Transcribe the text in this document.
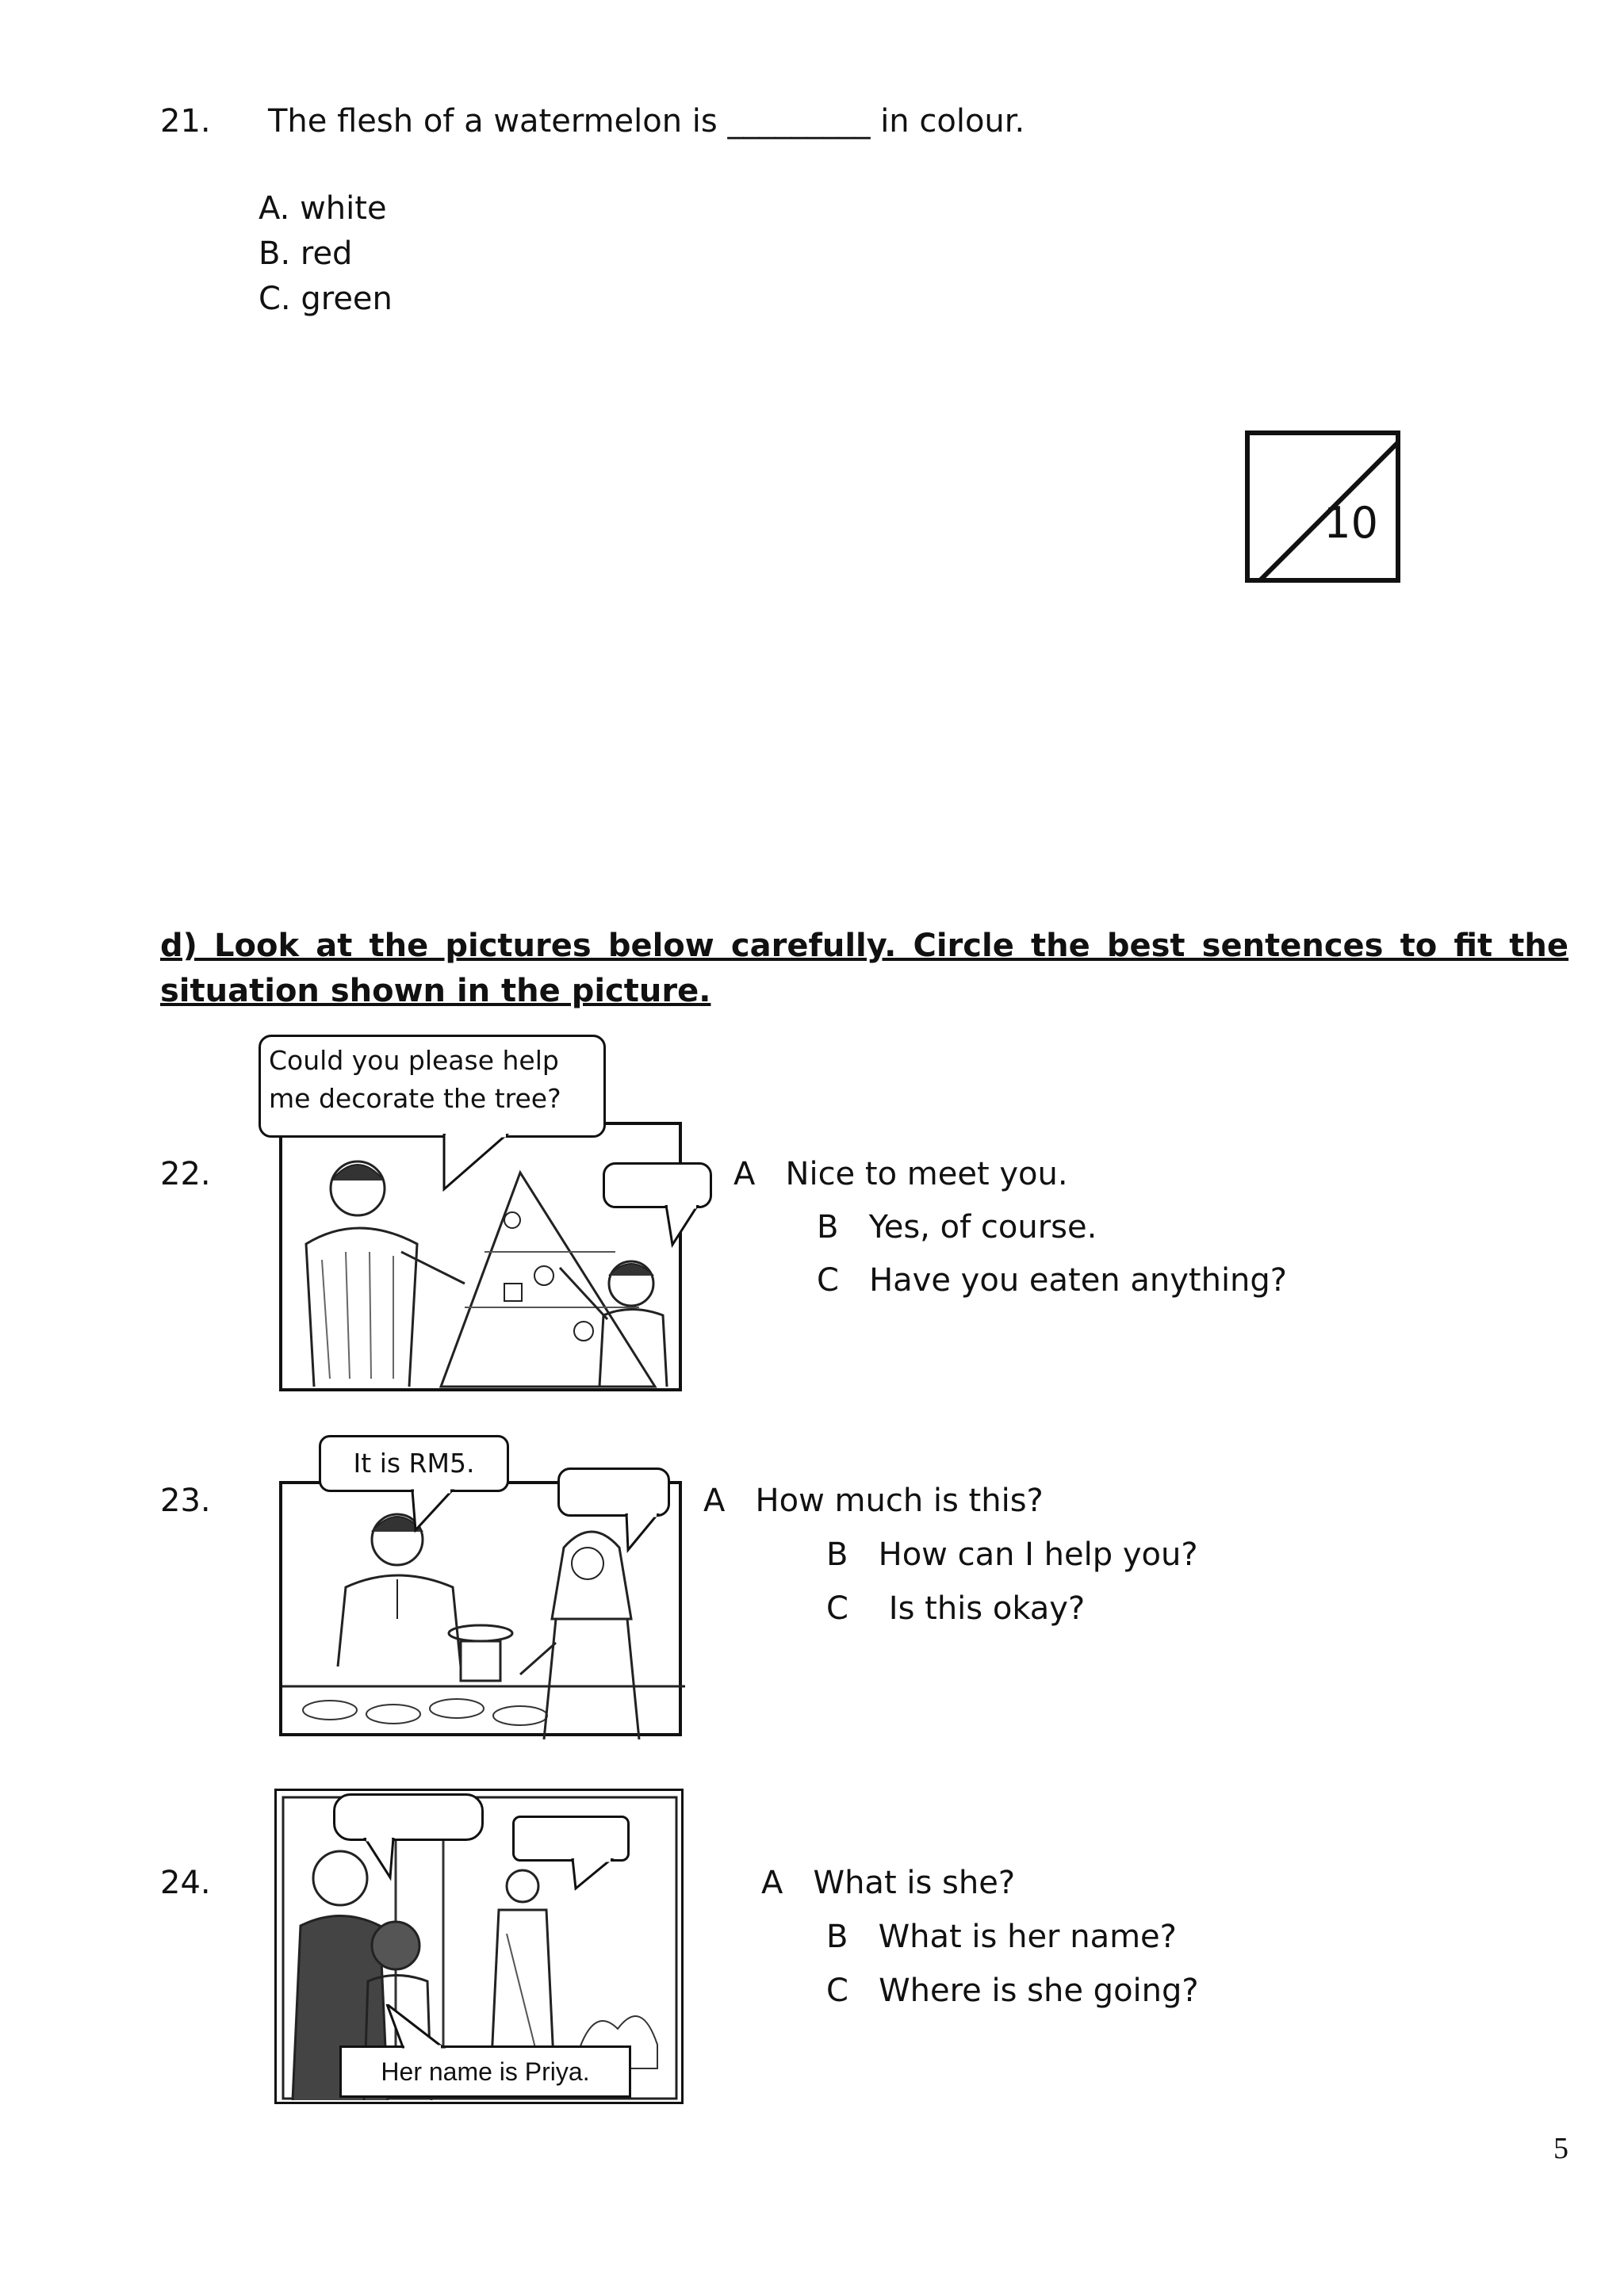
21. The flesh of a watermelon is _________ in colour.
A. white
B. red
C. green
10
d) Look at the pictures below carefully. Circle the best sentences to fit the situation shown in the picture.
22.
Could you please help me decorate the tree?
A Nice to meet you.
B Yes, of course.
C Have you eaten anything?
23.
It is RM5.
A How much is this?
B How can I help you?
C Is this okay?
24.
Her name is Priya.
A What is she?
B What is her name?
C Where is she going?
5
